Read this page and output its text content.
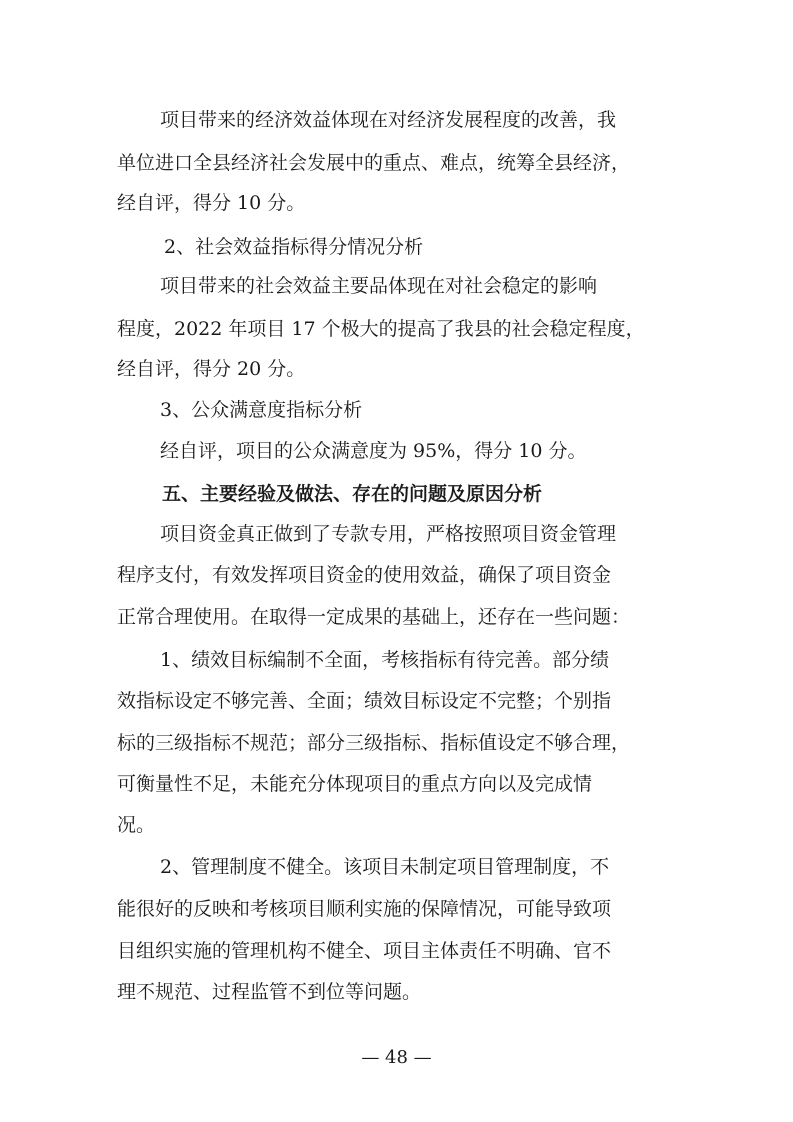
项目带来的经济效益体现在对经济发展程度的改善，我

单位进口全县经济社会发展中的重点、难点，统筹全县经济，

经自评，得分 10 分。

2、社会效益指标得分情况分析

项目带来的社会效益主要品体现在对社会稳定的影响

程度，2022 年项目 17 个极大的提高了我县的社会稳定程度，

经自评，得分 20 分。

3、公众满意度指标分析

经自评，项目的公众满意度为 95%，得分 10 分。

五、主要经验及做法、存在的问题及原因分析

项目资金真正做到了专款专用，严格按照项目资金管理

程序支付，有效发挥项目资金的使用效益，确保了项目资金

正常合理使用。在取得一定成果的基础上，还存在一些问题：

1、绩效目标编制不全面，考核指标有待完善。部分绩

效指标设定不够完善、全面；绩效目标设定不完整；个别指

标的三级指标不规范；部分三级指标、指标值设定不够合理，

可衡量性不足，未能充分体现项目的重点方向以及完成情

况。

2、管理制度不健全。该项目未制定项目管理制度，不

能很好的反映和考核项目顺利实施的保障情况，可能导致项

目组织实施的管理机构不健全、项目主体责任不明确、官不

理不规范、过程监管不到位等问题。

— 48 —
